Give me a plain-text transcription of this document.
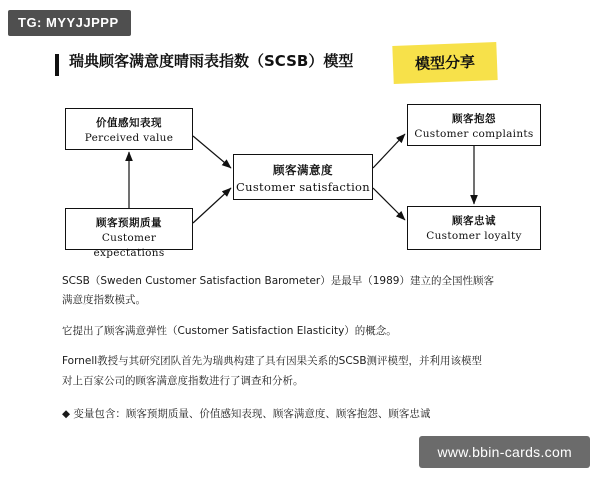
TG: MYYJJPPP
瑞典顾客满意度晴雨表指数（SCSB）模型	模型分享
价值感知表现
Perceived value
顾客预期质量
Customer expectations
顾客满意度
Customer satisfaction
顾客抱怨
Customer complaints
顾客忠诚
Customer loyalty

SCSB（Sweden Customer Satisfaction Barometer）是最早（1989）建立的全国性顾客
满意度指数模式。

它提出了顾客满意弹性（Customer Satisfaction Elasticity）的概念。

Fornell教授与其研究团队首先为瑞典构建了具有因果关系的SCSB测评模型，并利用该模型
对上百家公司的顾客满意度指数进行了调查和分析。

◆ 变量包含：顾客预期质量、价值感知表现、顾客满意度、顾客抱怨、顾客忠诚

www.bbin-cards.com
